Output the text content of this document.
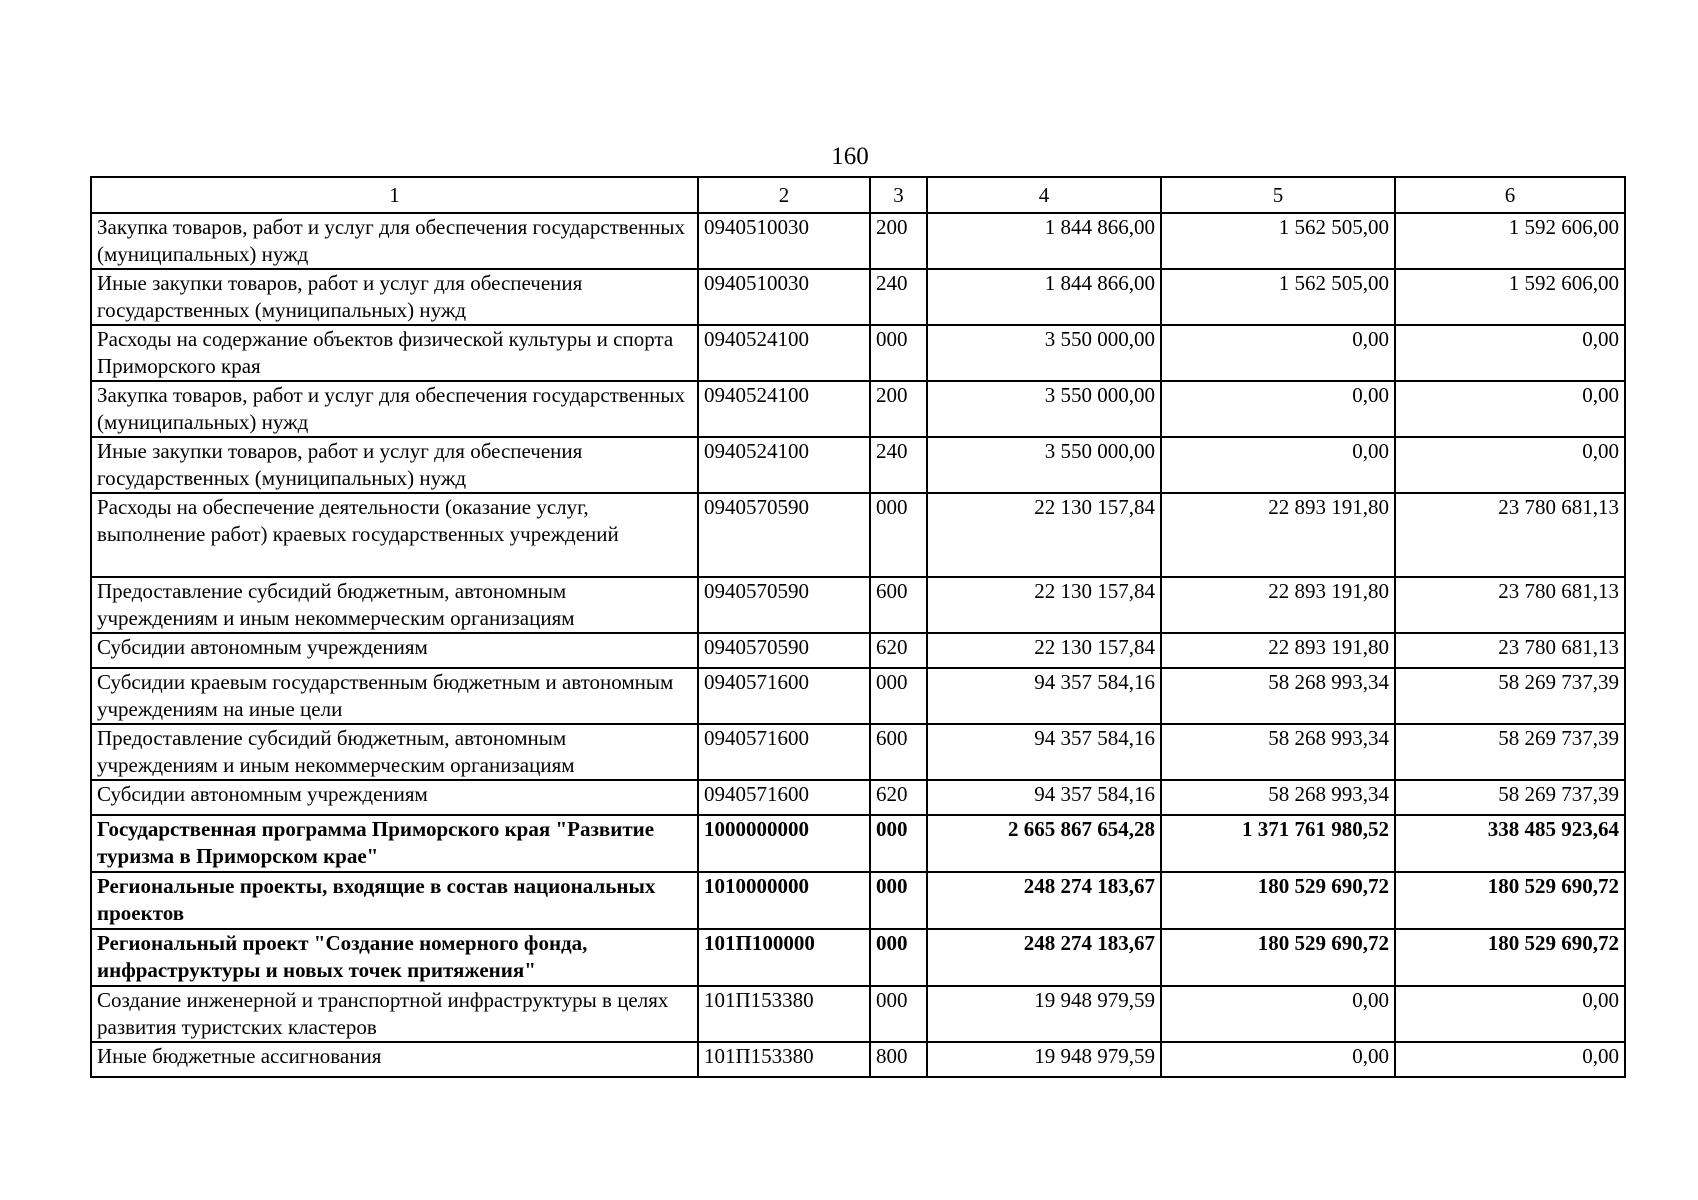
160
1	2	3	4	5	6
Закупка товаров, работ и услуг для обеспечения государственных (муниципальных) нужд	0940510030	200	1 844 866,00	1 562 505,00	1 592 606,00
Иные закупки товаров, работ и услуг для обеспечения государственных (муниципальных) нужд	0940510030	240	1 844 866,00	1 562 505,00	1 592 606,00
Расходы на содержание объектов физической культуры и спорта Приморского края	0940524100	000	3 550 000,00	0,00	0,00
Закупка товаров, работ и услуг для обеспечения государственных (муниципальных) нужд	0940524100	200	3 550 000,00	0,00	0,00
Иные закупки товаров, работ и услуг для обеспечения государственных (муниципальных) нужд	0940524100	240	3 550 000,00	0,00	0,00
Расходы на обеспечение деятельности (оказание услуг, выполнение работ) краевых государственных учреждений	0940570590	000	22 130 157,84	22 893 191,80	23 780 681,13
Предоставление субсидий бюджетным, автономным учреждениям и иным некоммерческим организациям	0940570590	600	22 130 157,84	22 893 191,80	23 780 681,13
Субсидии автономным учреждениям	0940570590	620	22 130 157,84	22 893 191,80	23 780 681,13
Субсидии краевым государственным бюджетным и автономным учреждениям на иные цели	0940571600	000	94 357 584,16	58 268 993,34	58 269 737,39
Предоставление субсидий бюджетным, автономным учреждениям и иным некоммерческим организациям	0940571600	600	94 357 584,16	58 268 993,34	58 269 737,39
Субсидии автономным учреждениям	0940571600	620	94 357 584,16	58 268 993,34	58 269 737,39
Государственная программа Приморского края "Развитие туризма в Приморском крае"	1000000000	000	2 665 867 654,28	1 371 761 980,52	338 485 923,64
Региональные проекты, входящие в состав национальных проектов	1010000000	000	248 274 183,67	180 529 690,72	180 529 690,72
Региональный проект "Создание номерного фонда, инфраструктуры и новых точек притяжения"	101П100000	000	248 274 183,67	180 529 690,72	180 529 690,72
Создание инженерной и транспортной инфраструктуры в целях развития туристских кластеров	101П153380	000	19 948 979,59	0,00	0,00
Иные бюджетные ассигнования	101П153380	800	19 948 979,59	0,00	0,00
